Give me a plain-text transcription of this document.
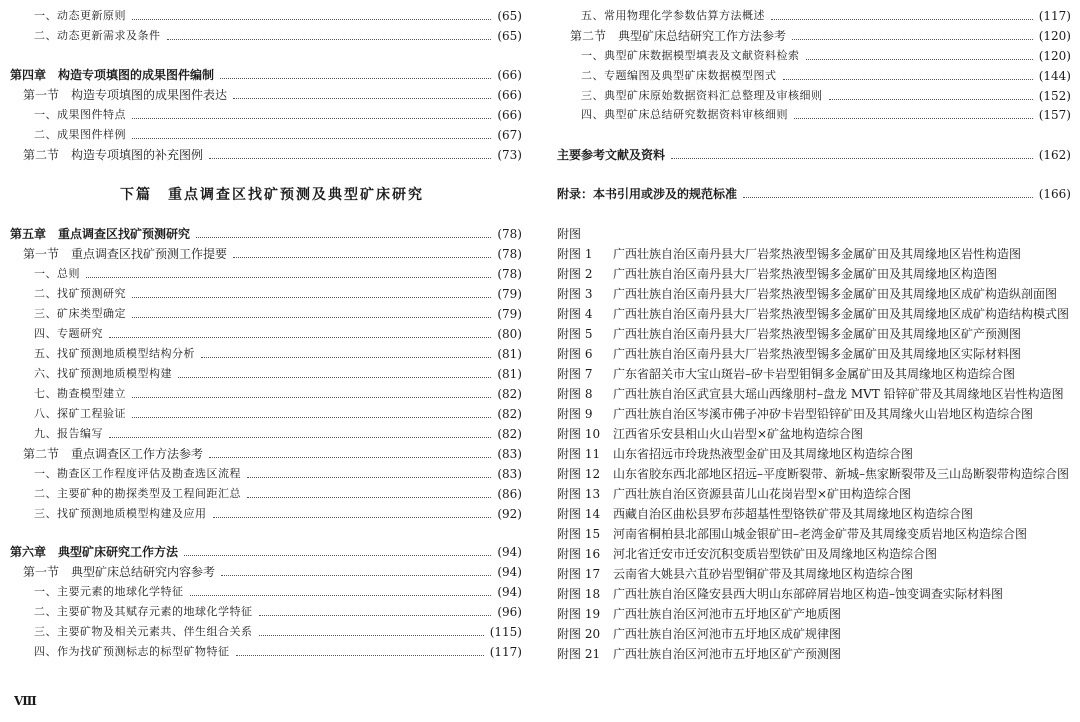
一、动态更新原则	(65)
二、动态更新需求及条件	(65)
第四章　构造专项填图的成果图件编制	(66)
第一节　构造专项填图的成果图件表达	(66)
一、成果图件特点	(66)
二、成果图件样例	(67)
第二节　构造专项填图的补充图例	(73)
下篇　重点调查区找矿预测及典型矿床研究
第五章　重点调查区找矿预测研究	(78)
第一节　重点调查区找矿预测工作提要	(78)
一、总则	(78)
二、找矿预测研究	(79)
三、矿床类型确定	(79)
四、专题研究	(80)
五、找矿预测地质模型结构分析	(81)
六、找矿预测地质模型构建	(81)
七、勘查模型建立	(82)
八、探矿工程验证	(82)
九、报告编写	(82)
第二节　重点调查区工作方法参考	(83)
一、勘查区工作程度评估及勘查选区流程	(83)
二、主要矿种的勘探类型及工程间距汇总	(86)
三、找矿预测地质模型构建及应用	(92)
第六章　典型矿床研究工作方法	(94)
第一节　典型矿床总结研究内容参考	(94)
一、主要元素的地球化学特征	(94)
二、主要矿物及其赋存元素的地球化学特征	(96)
三、主要矿物及相关元素共、伴生组合关系	(115)
四、作为找矿预测标志的标型矿物特征	(117)
Ⅷ
五、常用物理化学参数估算方法概述	(117)
第二节　典型矿床总结研究工作方法参考	(120)
一、典型矿床数据模型填表及文献资料检索	(120)
二、专题编图及典型矿床数据模型图式	(144)
三、典型矿床原始数据资料汇总整理及审核细则	(152)
四、典型矿床总结研究数据资料审核细则	(157)
主要参考文献及资料	(162)
附录：本书引用或涉及的规范标准	(166)
附图
附图 1	广西壮族自治区南丹县大厂岩浆热液型锡多金属矿田及其周缘地区岩性构造图
附图 2	广西壮族自治区南丹县大厂岩浆热液型锡多金属矿田及其周缘地区构造图
附图 3	广西壮族自治区南丹县大厂岩浆热液型锡多金属矿田及其周缘地区成矿构造纵剖面图
附图 4	广西壮族自治区南丹县大厂岩浆热液型锡多金属矿田及其周缘地区成矿构造结构模式图
附图 5	广西壮族自治区南丹县大厂岩浆热液型锡多金属矿田及其周缘地区矿产预测图
附图 6	广西壮族自治区南丹县大厂岩浆热液型锡多金属矿田及其周缘地区实际材料图
附图 7	广东省韶关市大宝山斑岩–矽卡岩型钼铜多金属矿田及其周缘地区构造综合图
附图 8	广西壮族自治区武宣县大瑶山西缘朋村–盘龙 MVT 铅锌矿带及其周缘地区岩性构造图
附图 9	广西壮族自治区岑溪市佛子冲矽卡岩型铅锌矿田及其周缘火山岩地区构造综合图
附图 10	江西省乐安县相山火山岩型×矿盆地构造综合图
附图 11	山东省招远市玲珑热液型金矿田及其周缘地区构造综合图
附图 12	山东省胶东西北部地区招远–平度断裂带、新城–焦家断裂带及三山岛断裂带构造综合图
附图 13	广西壮族自治区资源县苗儿山花岗岩型×矿田构造综合图
附图 14	西藏自治区曲松县罗布莎超基性型铬铁矿带及其周缘地区构造综合图
附图 15	河南省桐柏县北部围山城金银矿田–老湾金矿带及其周缘变质岩地区构造综合图
附图 16	河北省迁安市迁安沉积变质岩型铁矿田及周缘地区构造综合图
附图 17	云南省大姚县六苴砂岩型铜矿带及其周缘地区构造综合图
附图 18	广西壮族自治区隆安县西大明山东部碎屑岩地区构造–蚀变调查实际材料图
附图 19	广西壮族自治区河池市五圩地区矿产地质图
附图 20	广西壮族自治区河池市五圩地区成矿规律图
附图 21	广西壮族自治区河池市五圩地区矿产预测图
